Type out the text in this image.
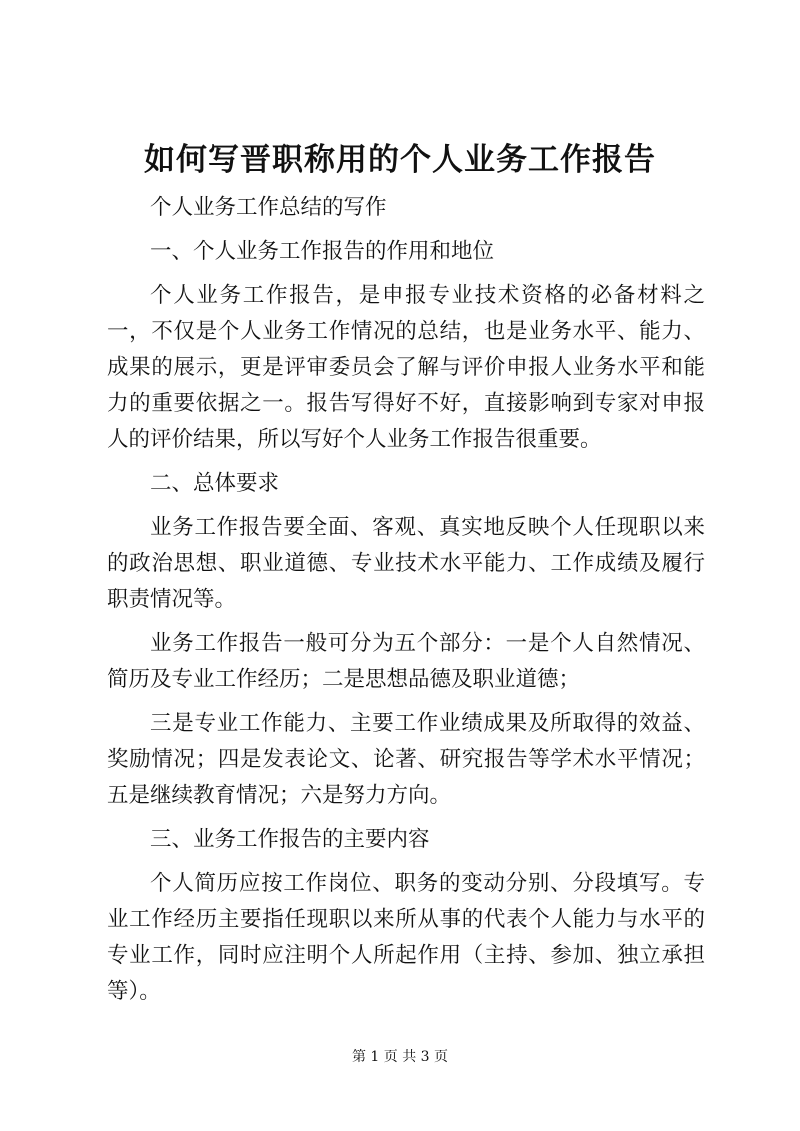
如何写晋职称用的个人业务工作报告

个人业务工作总结的写作

一、个人业务工作报告的作用和地位

个人业务工作报告，是申报专业技术资格的必备材料之一，不仅是个人业务工作情况的总结，也是业务水平、能力、成果的展示，更是评审委员会了解与评价申报人业务水平和能力的重要依据之一。报告写得好不好，直接影响到专家对申报人的评价结果，所以写好个人业务工作报告很重要。

二、总体要求

业务工作报告要全面、客观、真实地反映个人任现职以来的政治思想、职业道德、专业技术水平能力、工作成绩及履行职责情况等。

业务工作报告一般可分为五个部分：一是个人自然情况、简历及专业工作经历；二是思想品德及职业道德；

三是专业工作能力、主要工作业绩成果及所取得的效益、奖励情况；四是发表论文、论著、研究报告等学术水平情况；五是继续教育情况；六是努力方向。

三、业务工作报告的主要内容

个人简历应按工作岗位、职务的变动分别、分段填写。专业工作经历主要指任现职以来所从事的代表个人能力与水平的专业工作，同时应注明个人所起作用（主持、参加、独立承担等）。

第 1 页 共 3 页
